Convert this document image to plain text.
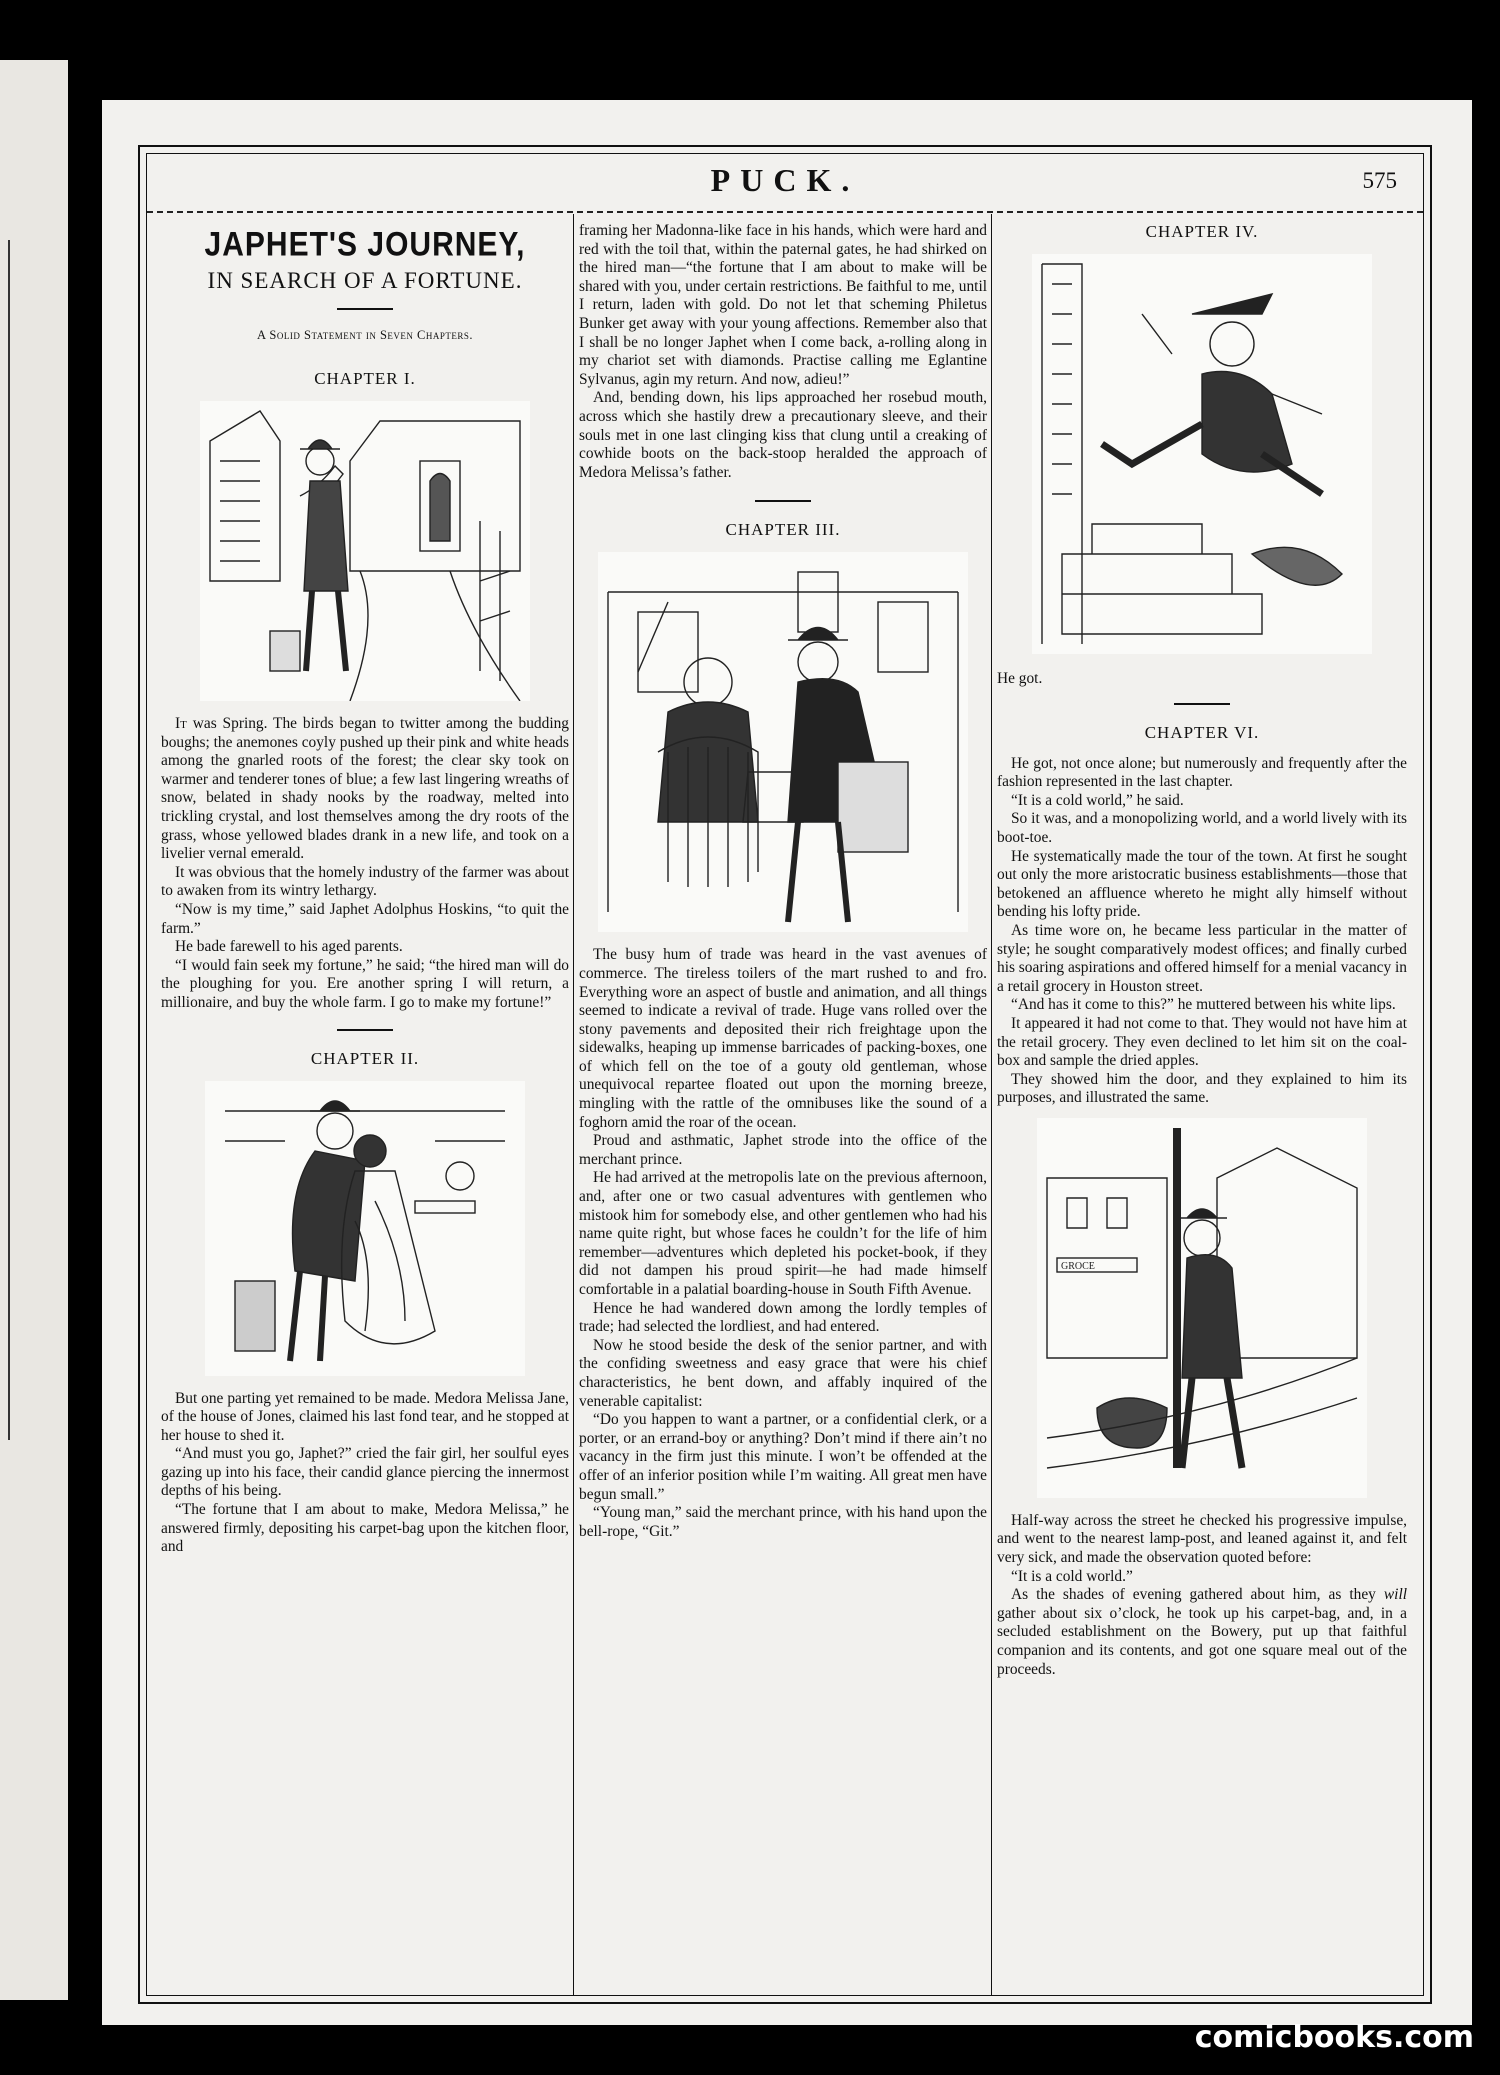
PUCK.	575
JAPHET'S JOURNEY,
IN SEARCH OF A FORTUNE.
A Solid Statement in Seven Chapters.
CHAPTER I.

It was Spring. The birds began to twitter among the budding boughs; the anemones coyly pushed up their pink and white heads among the gnarled roots of the forest; the clear sky took on warmer and tenderer tones of blue; a few last lingering wreaths of snow, belated in shady nooks by the roadway, melted into trickling crystal, and lost themselves among the dry roots of the grass, whose yellowed blades drank in a new life, and took on a livelier vernal emerald.

It was obvious that the homely industry of the farmer was about to awaken from its wintry lethargy.

“Now is my time,” said Japhet Adolphus Hoskins, “to quit the farm.”

He bade farewell to his aged parents.

“I would fain seek my fortune,” he said; “the hired man will do the ploughing for you. Ere another spring I will return, a millionaire, and buy the whole farm. I go to make my fortune!”

CHAPTER II.

But one parting yet remained to be made. Medora Melissa Jane, of the house of Jones, claimed his last fond tear, and he stopped at her house to shed it.

“And must you go, Japhet?” cried the fair girl, her soulful eyes gazing up into his face, their candid glance piercing the innermost depths of his being.

“The fortune that I am about to make, Medora Melissa,” he answered firmly, depositing his carpet-bag upon the kitchen floor, and

framing her Madonna-like face in his hands, which were hard and red with the toil that, within the paternal gates, he had shirked on the hired man—“the fortune that I am about to make will be shared with you, under certain restrictions. Be faithful to me, until I return, laden with gold. Do not let that scheming Philetus Bunker get away with your young affections. Remember also that I shall be no longer Japhet when I come back, a-rolling along in my chariot set with diamonds. Practise calling me Eglantine Sylvanus, agin my return. And now, adieu!”

And, bending down, his lips approached her rosebud mouth, across which she hastily drew a precautionary sleeve, and their souls met in one last clinging kiss that clung until a creaking of cowhide boots on the back-stoop heralded the approach of Medora Melissa’s father.

CHAPTER III.

The busy hum of trade was heard in the vast avenues of commerce. The tireless toilers of the mart rushed to and fro. Everything wore an aspect of bustle and animation, and all things seemed to indicate a revival of trade. Huge vans rolled over the stony pavements and deposited their rich freightage upon the sidewalks, heaping up immense barricades of packing-boxes, one of which fell on the toe of a gouty old gentleman, whose unequivocal repartee floated out upon the morning breeze, mingling with the rattle of the omnibuses like the sound of a foghorn amid the roar of the ocean.

Proud and asthmatic, Japhet strode into the office of the merchant prince.

He had arrived at the metropolis late on the previous afternoon, and, after one or two casual adventures with gentlemen who mistook him for somebody else, and other gentlemen who had his name quite right, but whose faces he couldn’t for the life of him remember—adventures which depleted his pocket-book, if they did not dampen his proud spirit—he had made himself comfortable in a palatial boarding-house in South Fifth Avenue.

Hence he had wandered down among the lordly temples of trade; had selected the lordliest, and had entered.

Now he stood beside the desk of the senior partner, and with the confiding sweetness and easy grace that were his chief characteristics, he bent down, and affably inquired of the venerable capitalist:

“Do you happen to want a partner, or a confidential clerk, or a porter, or an errand-boy or anything? Don’t mind if there ain’t no vacancy in the firm just this minute. I won’t be offended at the offer of an inferior position while I’m waiting. All great men have begun small.”

“Young man,” said the merchant prince, with his hand upon the bell-rope, “Git.”

CHAPTER IV.

He got.

CHAPTER VI.

He got, not once alone; but numerously and frequently after the fashion represented in the last chapter.

“It is a cold world,” he said.

So it was, and a monopolizing world, and a world lively with its boot-toe.

He systematically made the tour of the town. At first he sought out only the more aristocratic business establishments—those that betokened an affluence whereto he might ally himself without bending his lofty pride.

As time wore on, he became less particular in the matter of style; he sought comparatively modest offices; and finally curbed his soaring aspirations and offered himself for a menial vacancy in a retail grocery in Houston street.

“And has it come to this?” he muttered between his white lips.

It appeared it had not come to that. They would not have him at the retail grocery. They even declined to let him sit on the coal-box and sample the dried apples.

They showed him the door, and they explained to him its purposes, and illustrated the same.

GROCE

Half-way across the street he checked his progressive impulse, and went to the nearest lamp-post, and leaned against it, and felt very sick, and made the observation quoted before:

“It is a cold world.”

As the shades of evening gathered about him, as they will gather about six o’clock, he took up his carpet-bag, and, in a secluded establishment on the Bowery, put up that faithful companion and its contents, and got one square meal out of the proceeds.

comicbooks.com
